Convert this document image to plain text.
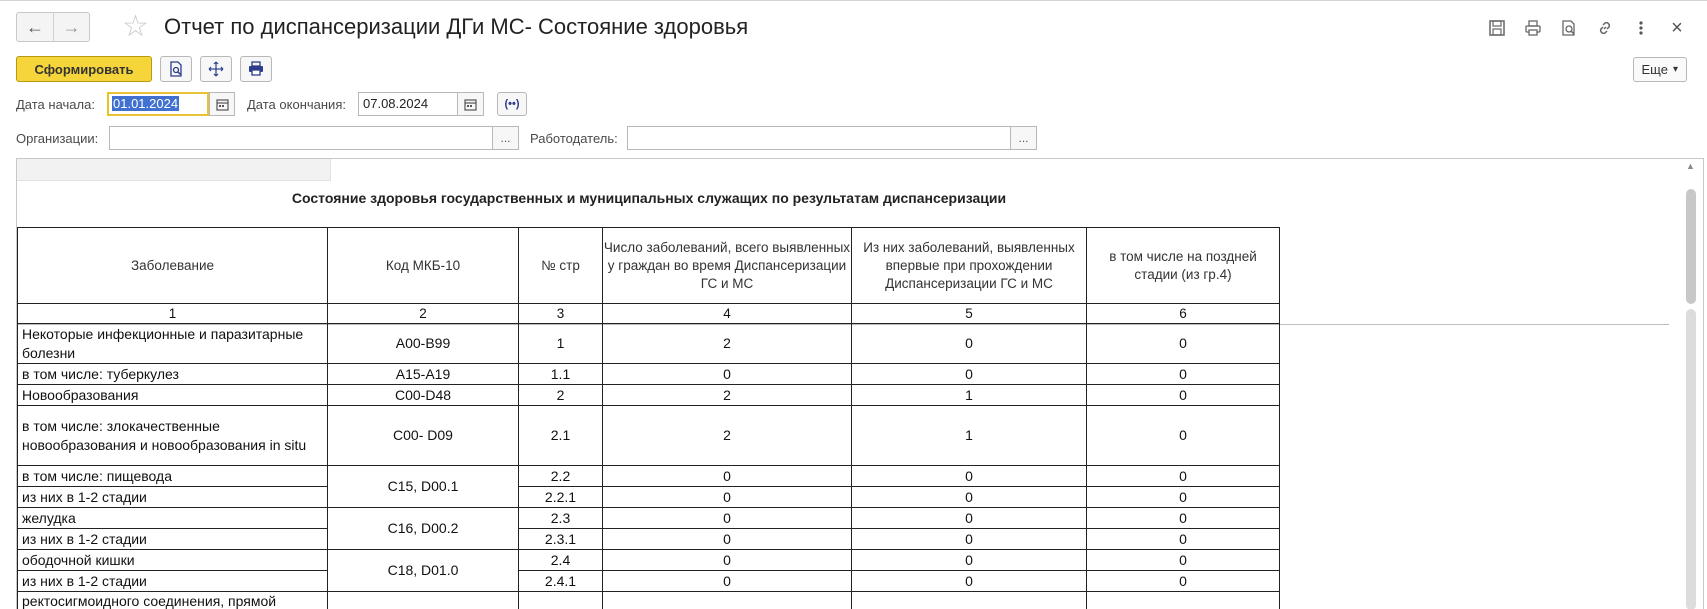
←	→ ☆ Отчет по диспансеризации ДГи МС- Состояние здоровья	×
Сформировать	Еще ▾
Дата начала:	01.01.2024	Дата окончания:	07.08.2024	(••)
Организации:	...	Работодатель:	...
Состояние здоровья государственных и муниципальных служащих по результатам диспансеризации
Заболевание	Код МКБ-10	№ стр	Число заболеваний, всего выявленных у граждан во время Диспансеризации ГС и МС	Из них заболеваний, выявленных впервые при прохождении Диспансеризации ГС и МС	в том числе на поздней стадии (из гр.4)
1	2	3	4	5	6
Некоторые инфекционные и паразитарные болезни	A00-B99	1	2	0	0
в том числе: туберкулез	A15-A19	1.1	0	0	0
Новообразования	C00-D48	2	2	1	0
в том числе: злокачественные новообразования и новообразования in situ	C00- D09	2.1	2	1	0
в том числе: пищевода	C15, D00.1	2.2	0	0	0
из них в 1-2 стадии		2.2.1	0	0	0
желудка	C16, D00.2	2.3	0	0	0
из них в 1-2 стадии		2.3.1	0	0	0
ободочной кишки	C18, D01.0	2.4	0	0	0
из них в 1-2 стадии		2.4.1	0	0	0
ректосигмоидного соединения, прямой					
▲
